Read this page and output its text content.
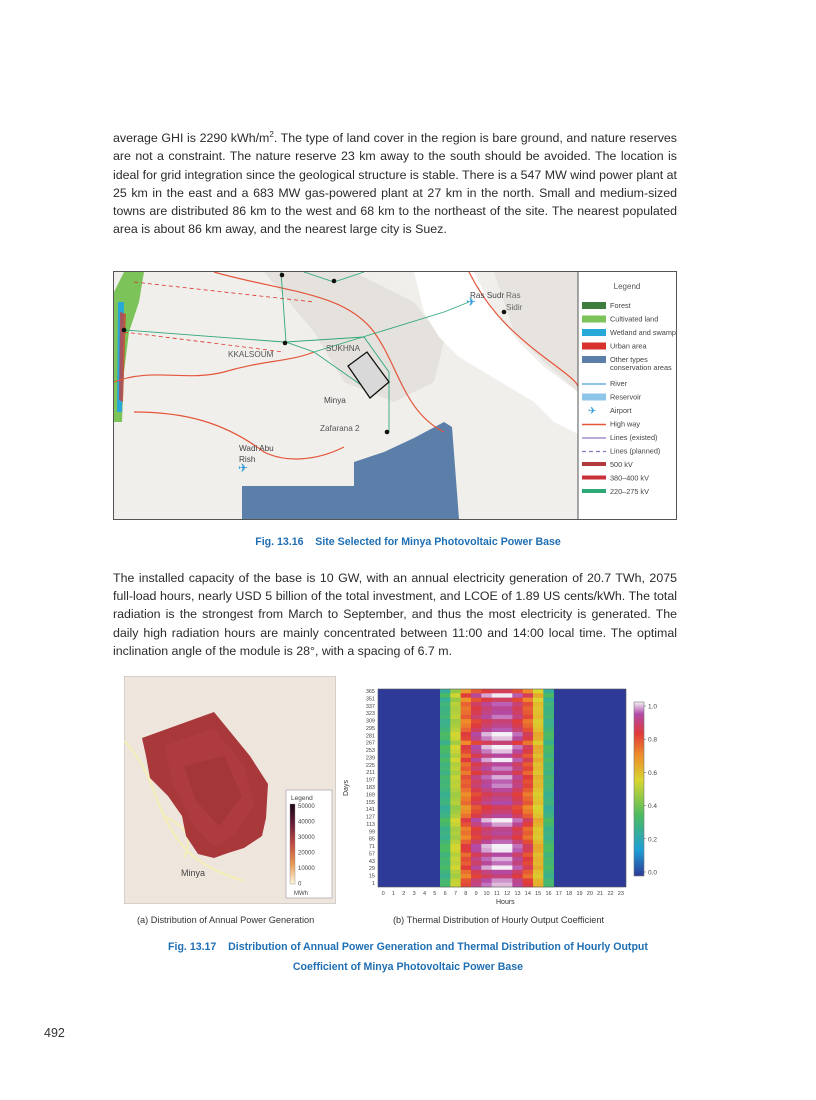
average GHI is 2290 kWh/$m^2$. The type of land cover in the region is bare ground, and nature reserves are not a constraint. The nature reserve 23 km away to the south should be avoided. The location is ideal for grid integration since the geological structure is stable. There is a 547 MW wind power plant at 25 km in the east and a 683 MW gas-powered plant at 27 km in the north. Small and medium-sized towns are distributed 86 km to the west and 68 km to the northeast of the site. The nearest populated area is about 86 km away, and the nearest large city is Suez.

✈
✈
KKALSOUM
SUKHNA
Minya
Zafarana 2
Wadi Abu
Rish
Ras Sudr Ras
Sidir
Legend
Forest
Cultivated land
Wetland and swamp
Urban area
Other types conservation areas
River
Reservoir
✈ Airport
High way
Lines (existed)
Lines (planned)
500 kV
380–400 kV
220–275 kV
Fig. 13.16    Site Selected for Minya Photovoltaic Power Base

The installed capacity of the base is 10 GW, with an annual electricity generation of 20.7 TWh, 2075 full-load hours, nearly USD 5 billion of the total investment, and LCOE of 1.89 US cents/kWh. The total radiation is the strongest from March to September, and thus the most electricity is generated. The daily high radiation hours are mainly concentrated between 11:00 and 14:00 local time. The optimal inclination angle of the module is 28°, with a spacing of 6.7 m.

Minya
Legend
50000
40000
30000
20000
10000
0
MWh
1
15
29
43
57
71
85
99
113
127
141
155
169
183
197
211
225
239
253
267
281
295
309
323
337
351
365
0 1 2 3 4 5 6 7 8 9 10 11 12 13 14 15 16 17 18 19 20 21 22 23
Days
Hours
1.0
0.8
0.6
0.4
0.2
0.0
(a) Distribution of Annual Power Generation	(b) Thermal Distribution of Hourly Output Coefficient
Fig. 13.17    Distribution of Annual Power Generation and Thermal Distribution of Hourly Output
Coefficient of Minya Photovoltaic Power Base
492
